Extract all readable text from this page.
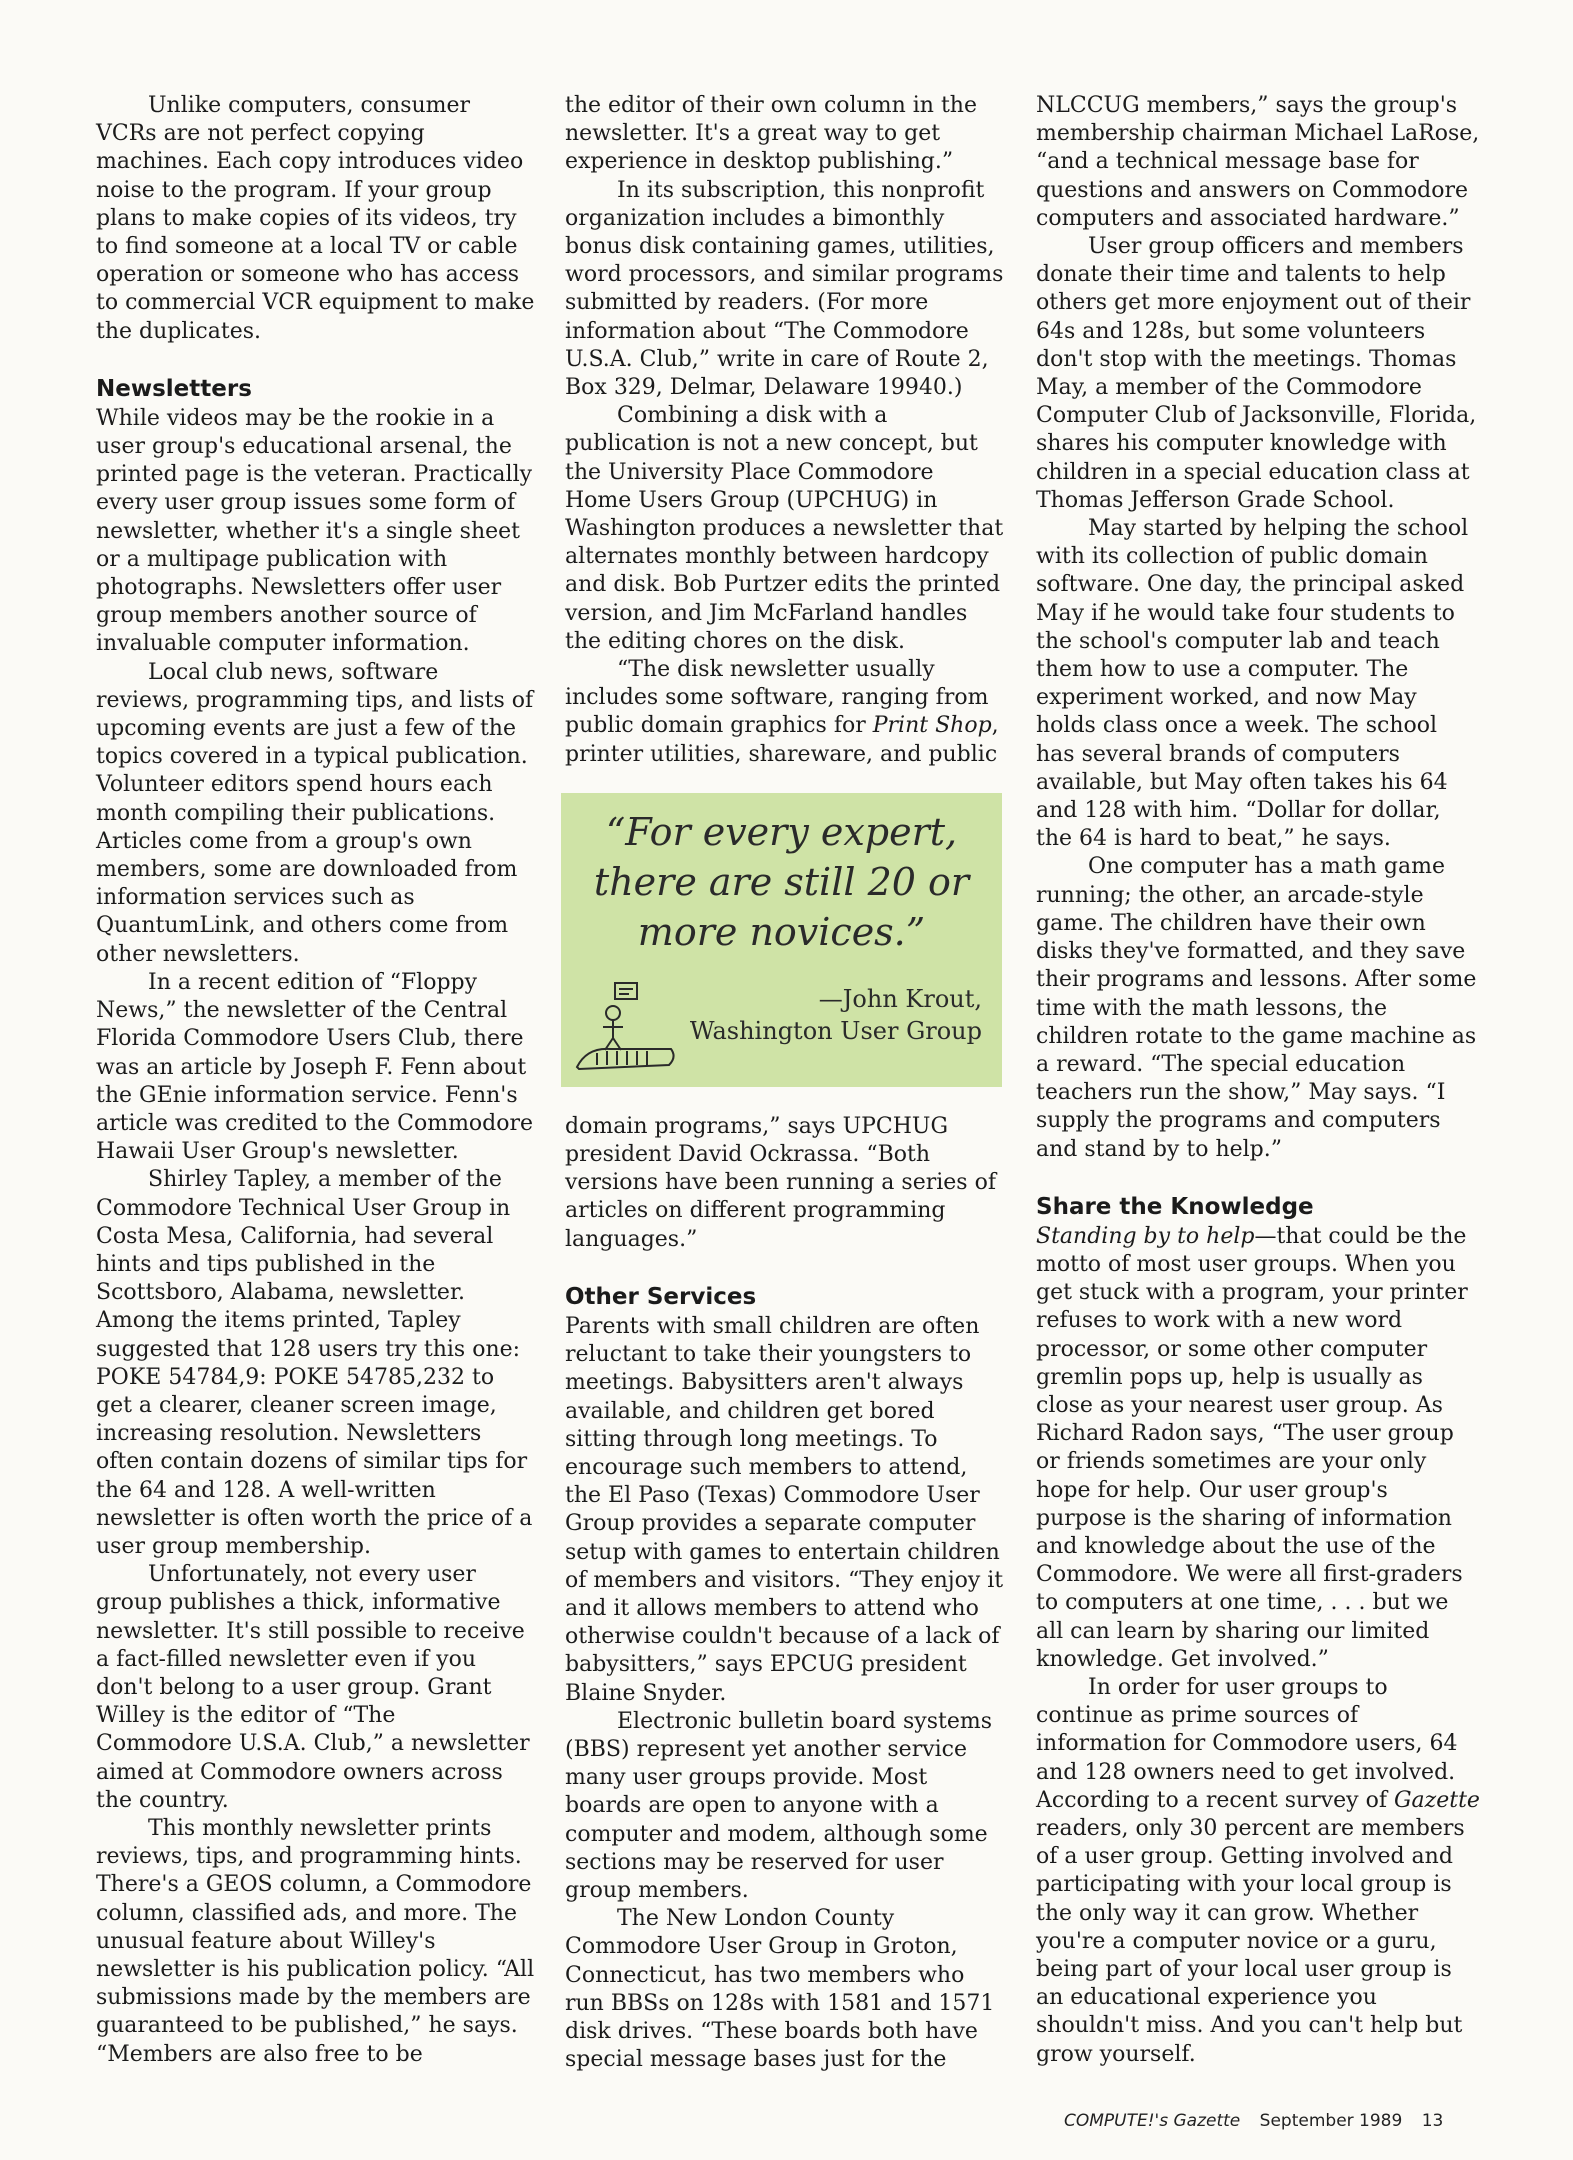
Unlike computers, consumer VCRs are not perfect copying machines. Each copy introduces video noise to the program. If your group plans to make copies of its videos, try to find someone at a local TV or cable operation or someone who has access to commercial VCR equipment to make the duplicates.

Newsletters

While videos may be the rookie in a user group's educational arsenal, the printed page is the veteran. Practically every user group issues some form of newsletter, whether it's a single sheet or a multipage publication with photographs. Newsletters offer user group members another source of invaluable computer information.

Local club news, software reviews, programming tips, and lists of upcoming events are just a few of the topics covered in a typical publication. Volunteer editors spend hours each month compiling their publications. Articles come from a group's own members, some are downloaded from information services such as QuantumLink, and others come from other newsletters.

In a recent edition of “Floppy News,” the newsletter of the Central Florida Commodore Users Club, there was an article by Joseph F. Fenn about the GEnie information service. Fenn's article was credited to the Commodore Hawaii User Group's newsletter.

Shirley Tapley, a member of the Commodore Technical User Group in Costa Mesa, California, had several hints and tips published in the Scottsboro, Alabama, newsletter. Among the items printed, Tapley suggested that 128 users try this one: POKE 54784,9: POKE 54785,232 to get a clearer, cleaner screen image, increasing resolution. Newsletters often contain dozens of similar tips for the 64 and 128. A well-written newsletter is often worth the price of a user group membership.

Unfortunately, not every user group publishes a thick, informative newsletter. It's still possible to receive a fact-filled newsletter even if you don't belong to a user group. Grant Willey is the editor of “The Commodore U.S.A. Club,” a newsletter aimed at Commodore owners across the country.

This monthly newsletter prints reviews, tips, and programming hints. There's a GEOS column, a Commodore column, classified ads, and more. The unusual feature about Willey's newsletter is his publication policy. “All submissions made by the members are guaranteed to be published,” he says. “Members are also free to be

the editor of their own column in the newsletter. It's a great way to get experience in desktop publishing.”

In its subscription, this nonprofit organization includes a bimonthly bonus disk containing games, utilities, word processors, and similar programs submitted by readers. (For more information about “The Commodore U.S.A. Club,” write in care of Route 2, Box 329, Delmar, Delaware 19940.)

Combining a disk with a publication is not a new concept, but the University Place Commodore Home Users Group (UPCHUG) in Washington produces a newsletter that alternates monthly between hardcopy and disk. Bob Purtzer edits the printed version, and Jim McFarland handles the editing chores on the disk.

“The disk newsletter usually includes some software, ranging from public domain graphics for Print Shop, printer utilities, shareware, and public

“For every expert, there are still 20 or more novices.”
—John Krout,
Washington User Group

domain programs,” says UPCHUG president David Ockrassa. “Both versions have been running a series of articles on different programming languages.”

Other Services

Parents with small children are often reluctant to take their youngsters to meetings. Babysitters aren't always available, and children get bored sitting through long meetings. To encourage such members to attend, the El Paso (Texas) Commodore User Group provides a separate computer setup with games to entertain children of members and visitors. “They enjoy it and it allows members to attend who otherwise couldn't because of a lack of babysitters,” says EPCUG president Blaine Snyder.

Electronic bulletin board systems (BBS) represent yet another service many user groups provide. Most boards are open to anyone with a computer and modem, although some sections may be reserved for user group members.

The New London County Commodore User Group in Groton, Connecticut, has two members who run BBSs on 128s with 1581 and 1571 disk drives. “These boards both have special message bases just for the

NLCCUG members,” says the group's membership chairman Michael LaRose, “and a technical message base for questions and answers on Commodore computers and associated hardware.”

User group officers and members donate their time and talents to help others get more enjoyment out of their 64s and 128s, but some volunteers don't stop with the meetings. Thomas May, a member of the Commodore Computer Club of Jacksonville, Florida, shares his computer knowledge with children in a special education class at Thomas Jefferson Grade School.

May started by helping the school with its collection of public domain software. One day, the principal asked May if he would take four students to the school's computer lab and teach them how to use a computer. The experiment worked, and now May holds class once a week. The school has several brands of computers available, but May often takes his 64 and 128 with him. “Dollar for dollar, the 64 is hard to beat,” he says.

One computer has a math game running; the other, an arcade-style game. The children have their own disks they've formatted, and they save their programs and lessons. After some time with the math lessons, the children rotate to the game machine as a reward. “The special education teachers run the show,” May says. “I supply the programs and computers and stand by to help.”

Share the Knowledge

Standing by to help—that could be the motto of most user groups. When you get stuck with a program, your printer refuses to work with a new word processor, or some other computer gremlin pops up, help is usually as close as your nearest user group. As Richard Radon says, “The user group or friends sometimes are your only hope for help. Our user group's purpose is the sharing of information and knowledge about the use of the Commodore. We were all first-graders to computers at one time, . . . but we all can learn by sharing our limited knowledge. Get involved.”

In order for user groups to continue as prime sources of information for Commodore users, 64 and 128 owners need to get involved. According to a recent survey of Gazette readers, only 30 percent are members of a user group. Getting involved and participating with your local group is the only way it can grow. Whether you're a computer novice or a guru, being part of your local user group is an educational experience you shouldn't miss. And you can't help but grow yourself.

COMPUTE!'s Gazette September 1989 13
